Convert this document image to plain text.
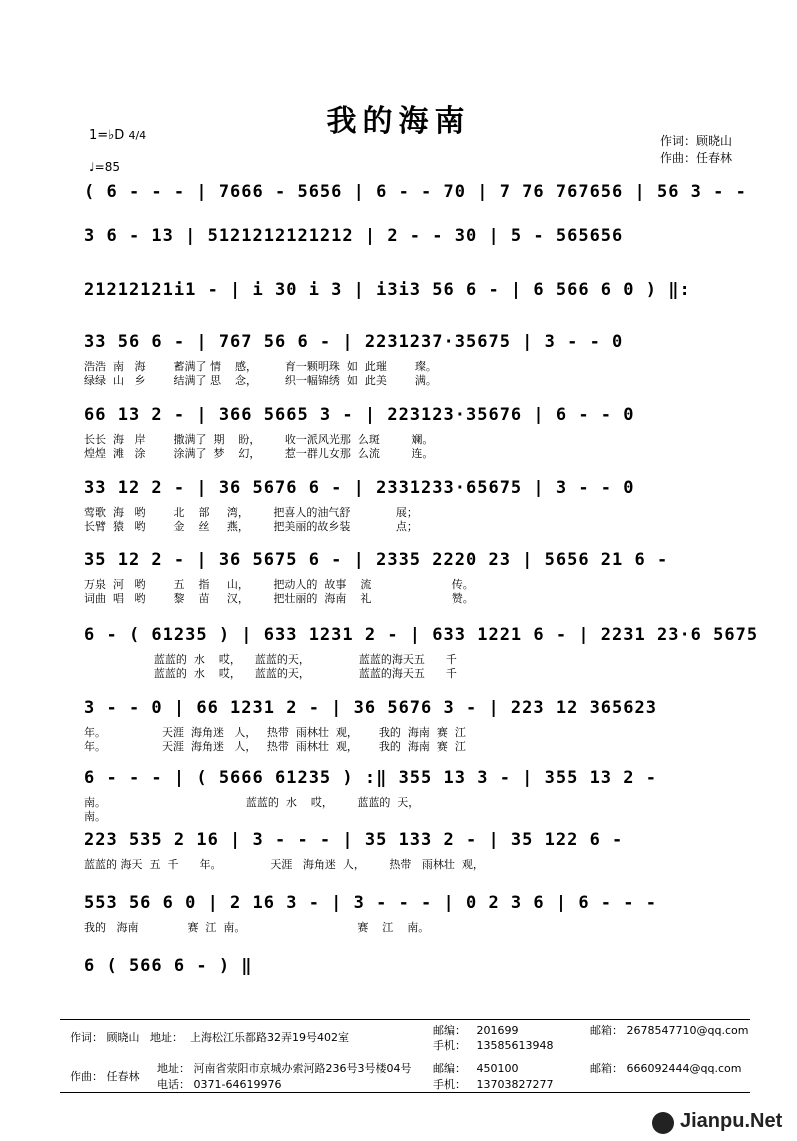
我的海南
作词：顾晓山
作曲：任春林
1=♭D 4/4
♩=85
( 6 - - - | 7666 - 5656 | 6 - - 70 | 7 76 767656 | 56 3 - -
3 6 - 13 | 5121212121212 | 2 - - 30 | 5 - 565656
21212121i1 - | i 30 i 3 | i3i3 56 6 - | 6 566 6 0 ) ‖:
33 56 6 - | 767 56 6 - | 2231237·35675 | 3 - - 0
浩浩  南   海        蓄满了 情    感，        育一颗明珠  如  此璀        璨。
绿绿  山   乡        结满了 思    念，        织一幅锦绣  如  此美        满。
66 13 2 - | 366 5665 3 - | 223123·35676 | 6 - - 0
长长  海   岸        撒满了  期    盼，       收一派风光那  么斑         斓。
煌煌  滩   涂        涂满了  梦    幻，       惹一群儿女那  么流         连。
33 12 2 - | 36 5676 6 - | 2331233·65675 | 3 - - 0
莺歌  海   哟        北    部     湾，       把喜人的油气舒             展；
长臂  猿   哟        金    丝     燕，       把美丽的故乡装             点；
35 12 2 - | 36 5675 6 - | 2335 2220 23 | 5656 21 6 -
万泉  河   哟        五    指     山，       把动人的  故事    流                       传。
词曲  唱   哟        黎    苗     汉，       把壮丽的  海南    礼                       赞。
6 - ( 61235 ) | 633 1231 2 - | 633 1221 6 - | 2231 23·6 5675
蓝蓝的  水    哎，    蓝蓝的天，              蓝蓝的海天五      千
蓝蓝的  水    哎，    蓝蓝的天，              蓝蓝的海天五      千
3 - - 0 | 66 1231 2 - | 36 5676 3 - | 223 12 365623
年。                天涯  海角迷   人，   热带  雨林壮  观，      我的  海南  赛  江
年。                天涯  海角迷   人，   热带  雨林壮  观，      我的  海南  赛  江
6 - - - | ( 5666 61235 ) :‖ 355 13 3 - | 355 13 2 -
南。                                        蓝蓝的  水    哎，       蓝蓝的  天，
南。
223 535 2 16 | 3 - - - | 35 133 2 - | 35 122 6 -
蓝蓝的 海天  五  千      年。              天涯   海角迷  人，       热带   雨林壮  观，
553 56 6 0 | 2 16 3 - | 3 - - - | 0 2 3 6 | 6 - - -
我的   海南              赛  江  南。                                赛    江    南。
6 ( 566 6 - ) ‖
作词： 顾晓山 地址： 上海松江乐都路32弄19号402室
邮编： 201699
手机： 13585613948
邮箱： 2678547710@qq.com
作曲： 任春林
地址： 河南省荥阳市京城办索河路236号3号楼04号
电话： 0371-64619976
邮编： 450100
手机： 13703827277
邮箱： 666092444@qq.com
Jianpu.Net
